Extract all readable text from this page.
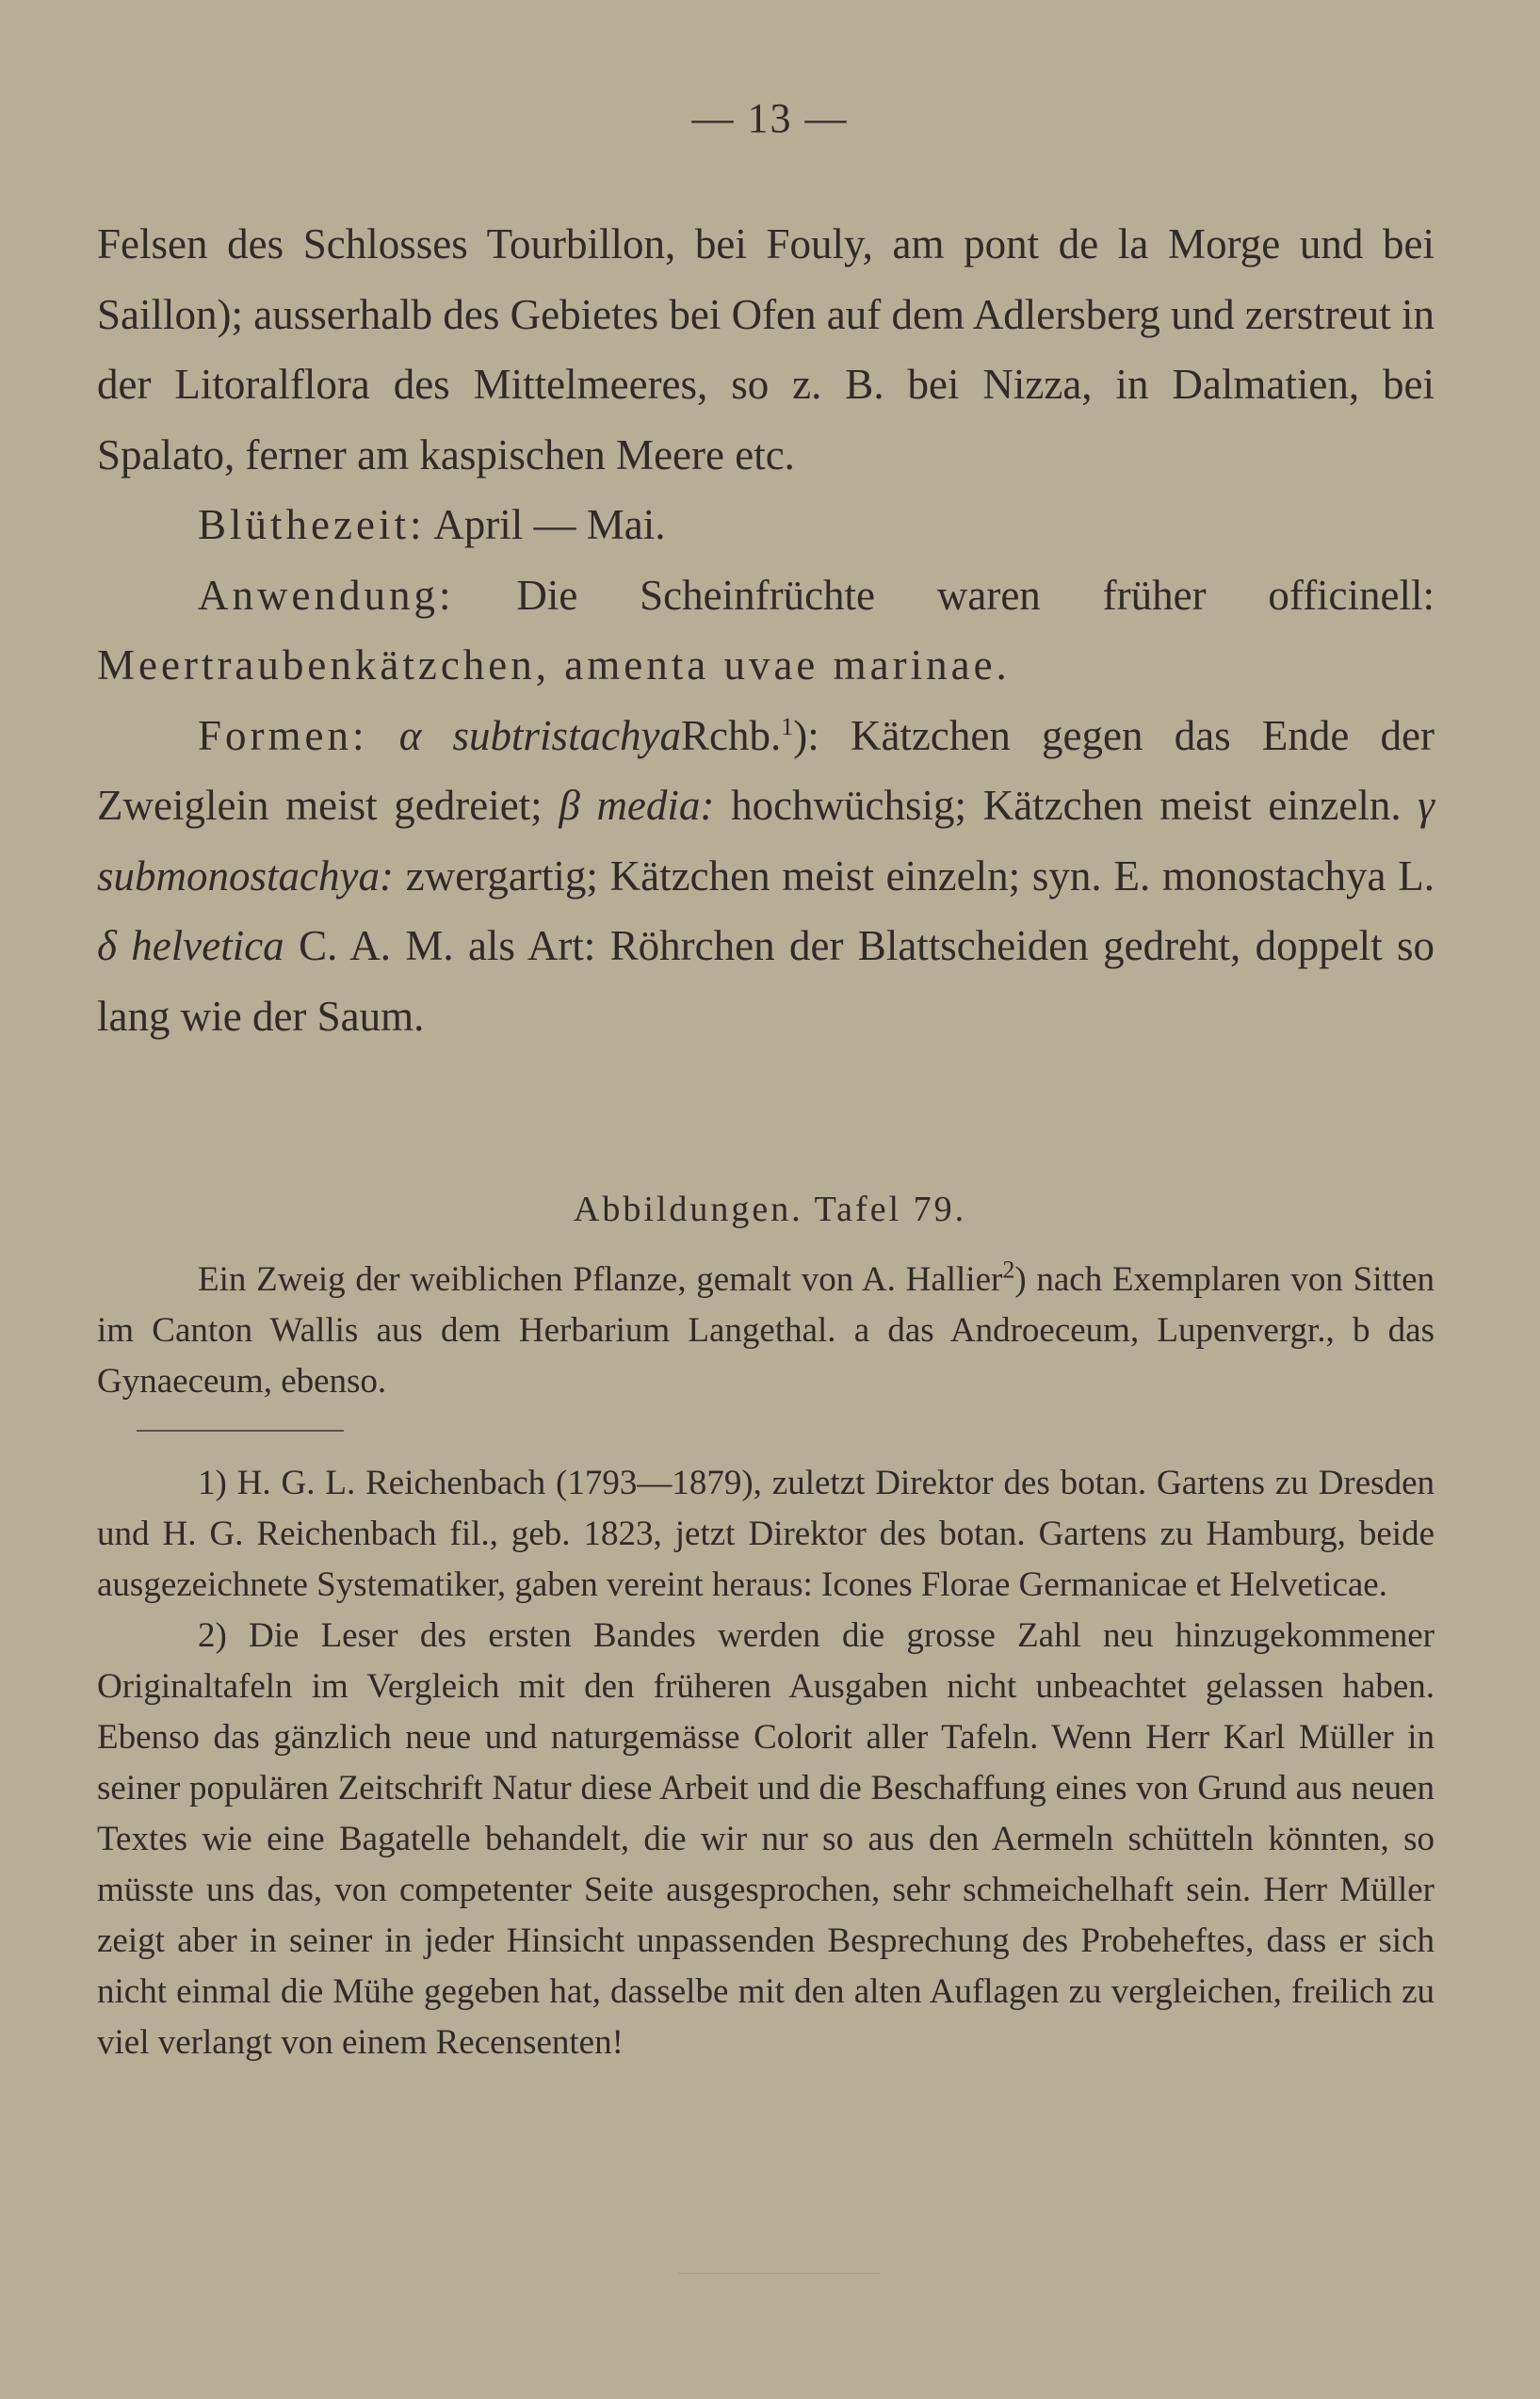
— 13 —

Felsen des Schlosses Tourbillon, bei Fouly, am pont de la Morge und bei Saillon); ausserhalb des Gebietes bei Ofen auf dem Adlersberg und zerstreut in der Litoralflora des Mittelmeeres, so z. B. bei Nizza, in Dalmatien, bei Spalato, ferner am kaspischen Meere etc.

Blüthezeit: April — Mai.

Anwendung: Die Scheinfrüchte waren früher officinell: Meertraubenkätzchen, amenta uvae marinae.

Formen: α subtristachyaRchb.$^1$): Kätzchen gegen das Ende der Zweiglein meist gedreiet; β media: hochwüchsig; Kätzchen meist einzeln. γ submonostachya: zwergartig; Kätzchen meist einzeln; syn. E. monostachya L. δ helvetica C. A. M. als Art: Röhrchen der Blattscheiden gedreht, doppelt so lang wie der Saum.

Abbildungen. Tafel 79.

Ein Zweig der weiblichen Pflanze, gemalt von A. Hallier$^2$) nach Exemplaren von Sitten im Canton Wallis aus dem Herbarium Langethal. a das Androeceum, Lupenvergr., b das Gynaeceum, ebenso.

1) H. G. L. Reichenbach (1793—1879), zuletzt Direktor des botan. Gartens zu Dresden und H. G. Reichenbach fil., geb. 1823, jetzt Direktor des botan. Gartens zu Hamburg, beide ausgezeichnete Systematiker, gaben vereint heraus: Icones Florae Germanicae et Helveticae.

2) Die Leser des ersten Bandes werden die grosse Zahl neu hinzugekommener Originaltafeln im Vergleich mit den früheren Ausgaben nicht unbeachtet gelassen haben. Ebenso das gänzlich neue und naturgemässe Colorit aller Tafeln. Wenn Herr Karl Müller in seiner populären Zeitschrift Natur diese Arbeit und die Beschaffung eines von Grund aus neuen Textes wie eine Bagatelle behandelt, die wir nur so aus den Aermeln schütteln könnten, so müsste uns das, von competenter Seite ausgesprochen, sehr schmeichelhaft sein. Herr Müller zeigt aber in seiner in jeder Hinsicht unpassenden Besprechung des Probeheftes, dass er sich nicht einmal die Mühe gegeben hat, dasselbe mit den alten Auflagen zu vergleichen, freilich zu viel verlangt von einem Recensenten!
